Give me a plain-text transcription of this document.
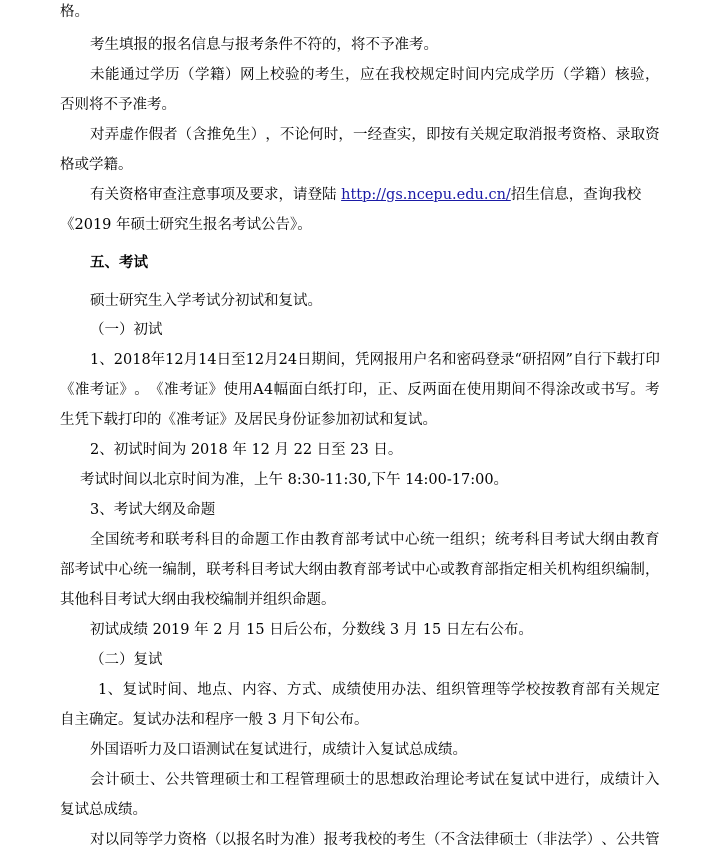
格。
考生填报的报名信息与报考条件不符的，将不予准考。
未 能 通 过 学 历 （ 学 籍 ） 网 上 校 验 的 考 生 ， 应 在 我 校 规 定 时 间 内 完 成 学 历 （ 学 籍 ） 核 验 ，
否则将不予准考。
对 弄 虚 作 假 者 （ 含 推 免 生 ） ， 不 论 何 时 ， 一 经 查 实 ， 即 按 有 关 规 定 取 消 报 考 资 格 、 录 取 资
格或学籍。
有关资格审查注意事项及要求，请登陆 http://gs.ncepu.edu.cn/招生信息，查询我校
《2019 年硕士研究生报名考试公告》。
五、考试
硕士研究生入学考试分初试和复试。
（一）初试
1 、 2 0 1 8 年 1 2 月 1 4 日 至 1 2 月 2 4 日 期 间 ， 凭 网 报 用 户 名 和 密 码 登 录 “ 研 招 网 ” 自 行 下 载 打 印
《 准 考 证 》 。 《 准 考 证 》 使 用 A 4 幅 面 白 纸 打 印 ， 正 、 反 两 面 在 使 用 期 间 不 得 涂 改 或 书 写 。 考
生凭下载打印的《准考证》及居民身份证参加初试和复试。
2、初试时间为 2018 年 12 月 22 日至 23 日。
考试时间以北京时间为准，上午 8:30-11:30,下午 14:00-17:00。
3、考试大纲及命题
全 国 统 考 和 联 考 科 目 的 命 题 工 作 由 教 育 部 考 试 中 心 统 一 组 织 ； 统 考 科 目 考 试 大 纲 由 教 育
部 考 试 中 心 统 一 编 制 ， 联 考 科 目 考 试 大 纲 由 教 育 部 考 试 中 心 或 教 育 部 指 定 相 关 机 构 组 织 编 制 ，
其他科目考试大纲由我校编制并组织命题。
初试成绩 2019 年 2 月 15 日后公布，分数线 3 月 15 日左右公布。
（二）复试
1 、 复 试 时 间 、 地 点 、 内 容 、 方 式 、 成 绩 使 用 办 法 、 组 织 管 理 等 学 校 按 教 育 部 有 关 规 定
自主确定。复试办法和程序一般 3 月下旬公布。
外国语听力及口语测试在复试进行，成绩计入复试总成绩。
会 计 硕 士 、 公 共 管 理 硕 士 和 工 程 管 理 硕 士 的 思 想 政 治 理 论 考 试 在 复 试 中 进 行 ， 成 绩 计 入
复试总成绩。
对 以 同 等 学 力 资 格 （ 以 报 名 时 为 准 ） 报 考 我 校 的 考 生 （ 不 含 法 律 硕 士 （ 非 法 学 ） 、 公 共 管
